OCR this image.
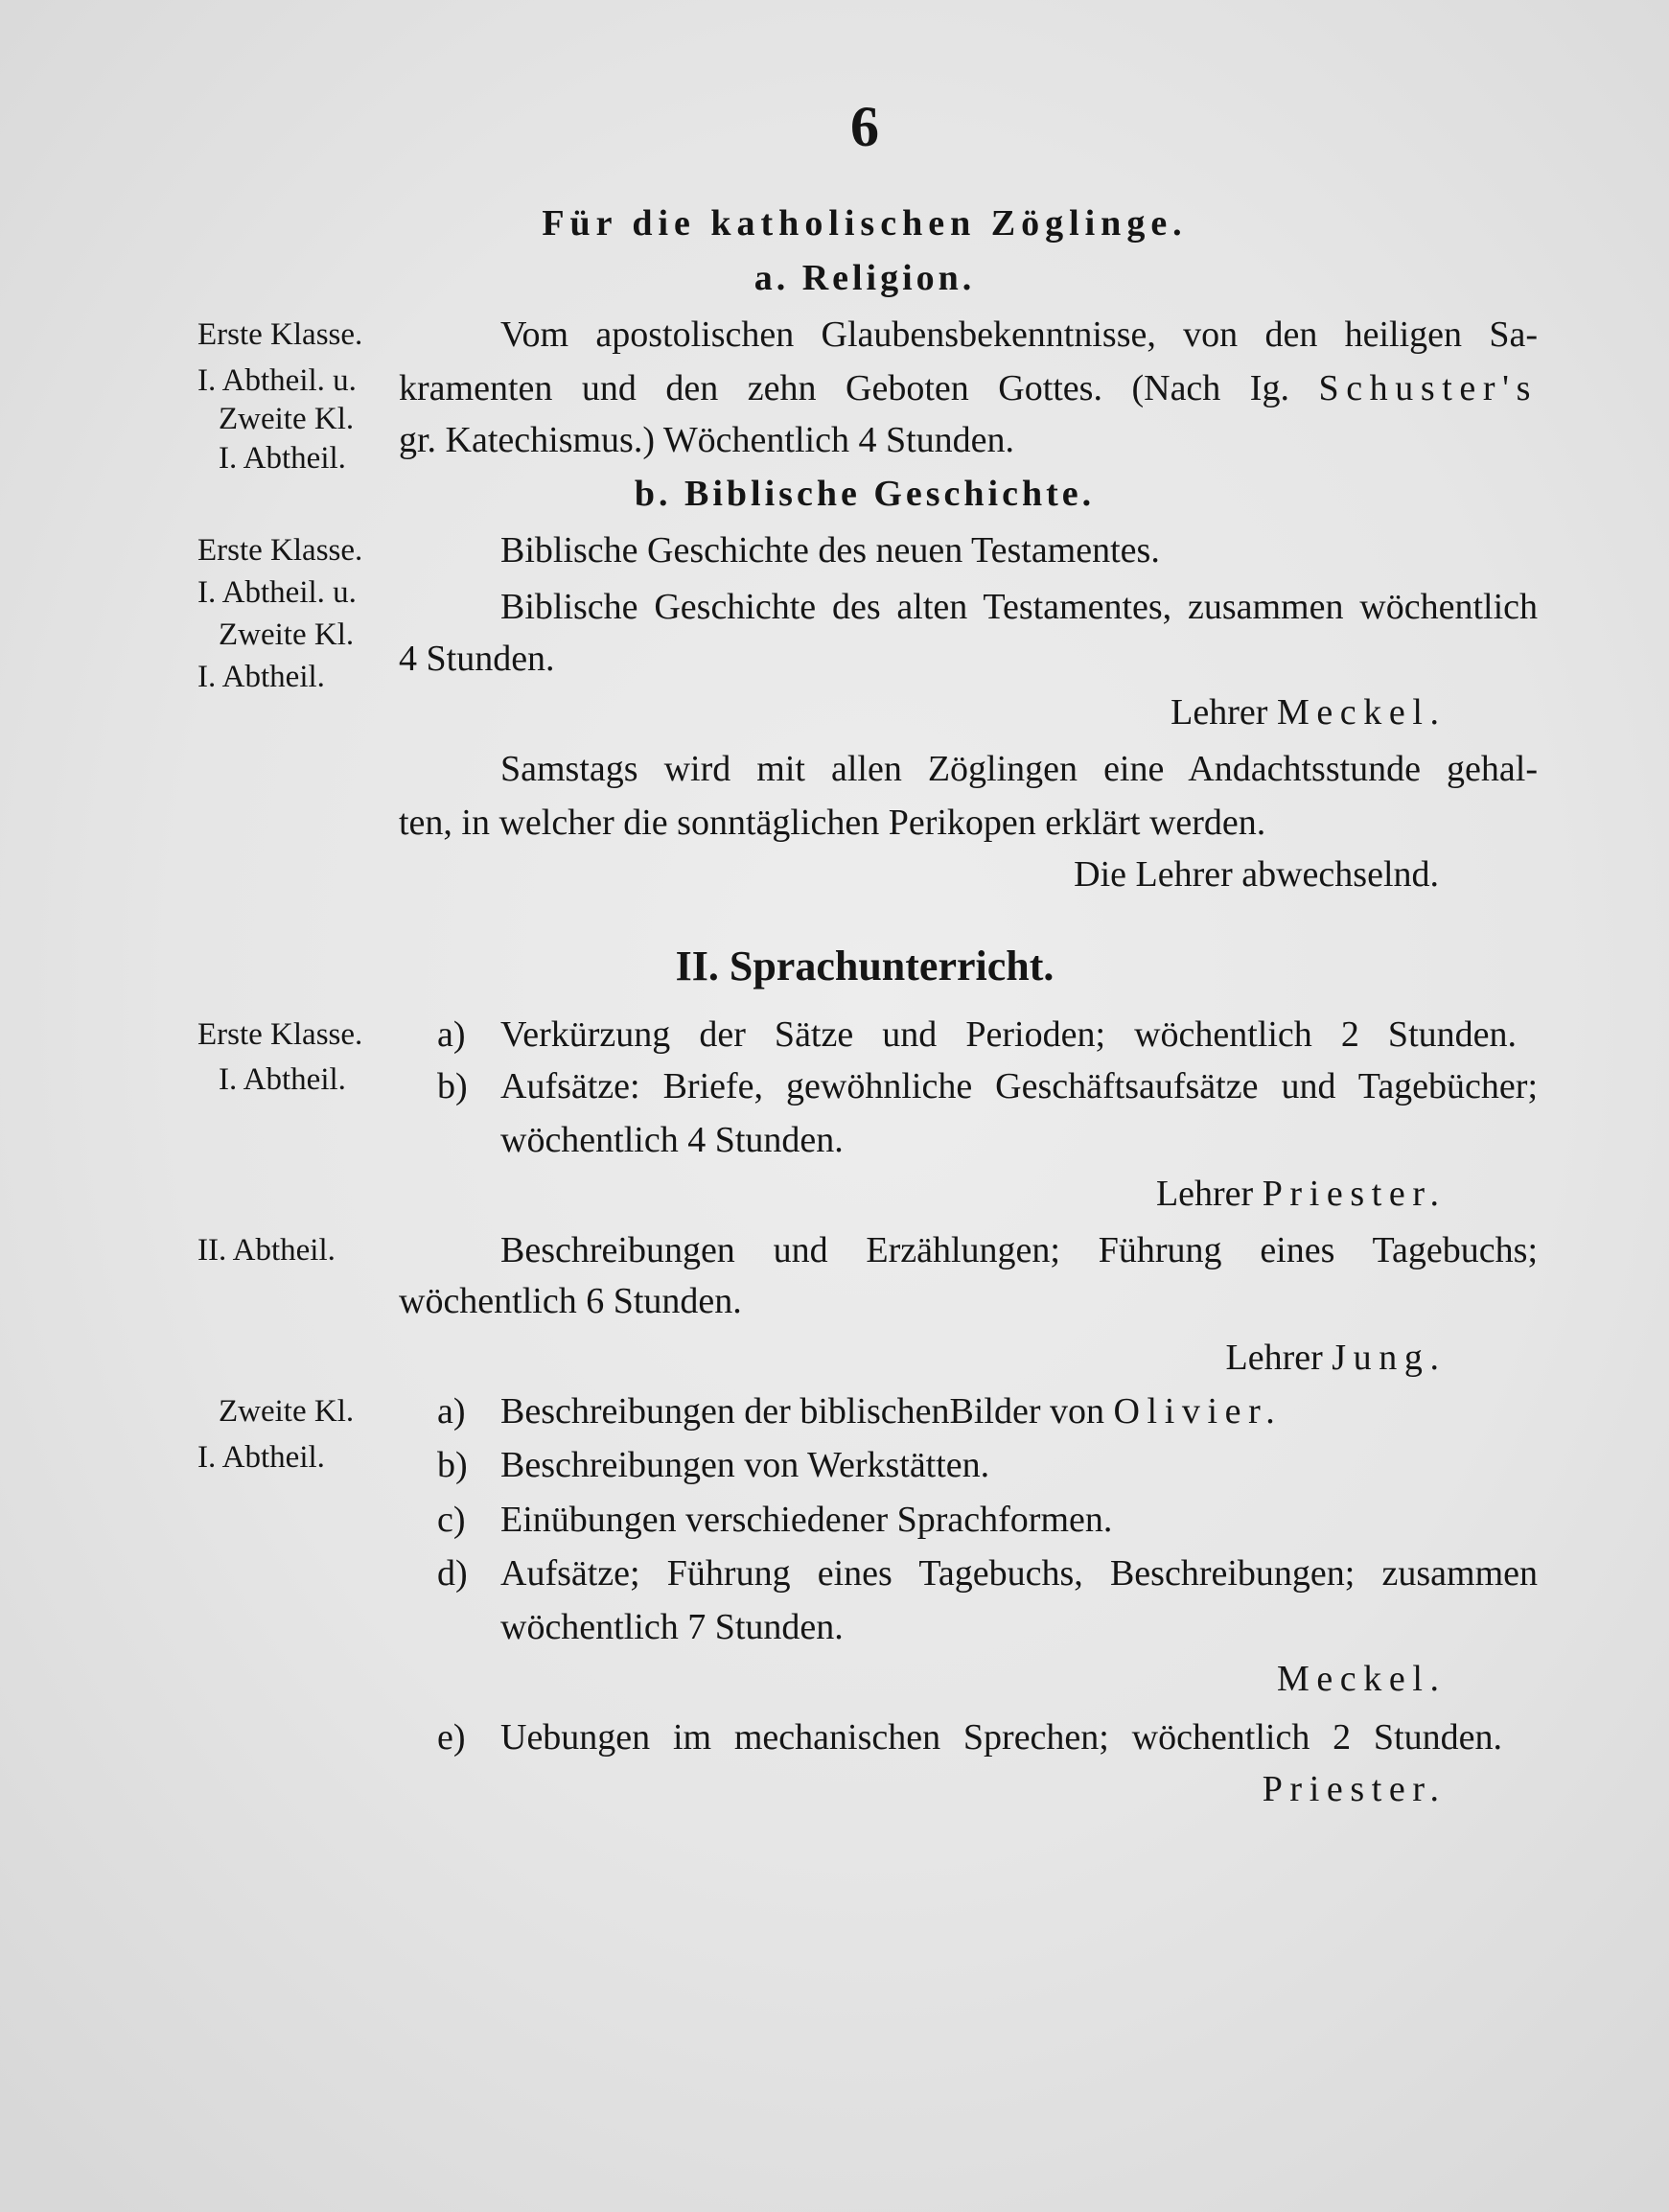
6
Für die katholischen Zöglinge.
a. Religion.
Erste Klasse.
I. Abtheil. u.
Zweite Kl.
I. Abtheil.
Vom apostolischen Glaubensbekenntnisse, von den heiligen Sa-
kramenten und den zehn Geboten Gottes. (Nach Ig. Schuster's
gr. Katechismus.) Wöchentlich 4 Stunden.
b. Biblische Geschichte.
Erste Klasse.
I. Abtheil. u.
Zweite Kl.
I. Abtheil.
Biblische Geschichte des neuen Testamentes.
Biblische Geschichte des alten Testamentes, zusammen wöchentlich
4 Stunden.
Lehrer Meckel.
Samstags wird mit allen Zöglingen eine Andachtsstunde gehal-
ten, in welcher die sonntäglichen Perikopen erklärt werden.
Die Lehrer abwechselnd.
II. Sprachunterricht.
Erste Klasse.
I. Abtheil.
a) Verkürzung der Sätze und Perioden; wöchentlich 2 Stunden.
b) Aufsätze: Briefe, gewöhnliche Geschäftsaufsätze und Tagebücher;
wöchentlich 4 Stunden.
Lehrer Priester.
II. Abtheil.	Beschreibungen und Erzählungen; Führung eines Tagebuchs;
wöchentlich 6 Stunden.
Lehrer Jung.
Zweite Kl.
I. Abtheil.
a) Beschreibungen der biblischenBilder von Olivier.
b) Beschreibungen von Werkstätten.
c) Einübungen verschiedener Sprachformen.
d) Aufsätze; Führung eines Tagebuchs, Beschreibungen; zusammen
wöchentlich 7 Stunden.
Meckel.
e) Uebungen im mechanischen Sprechen; wöchentlich 2 Stunden.
Priester.
